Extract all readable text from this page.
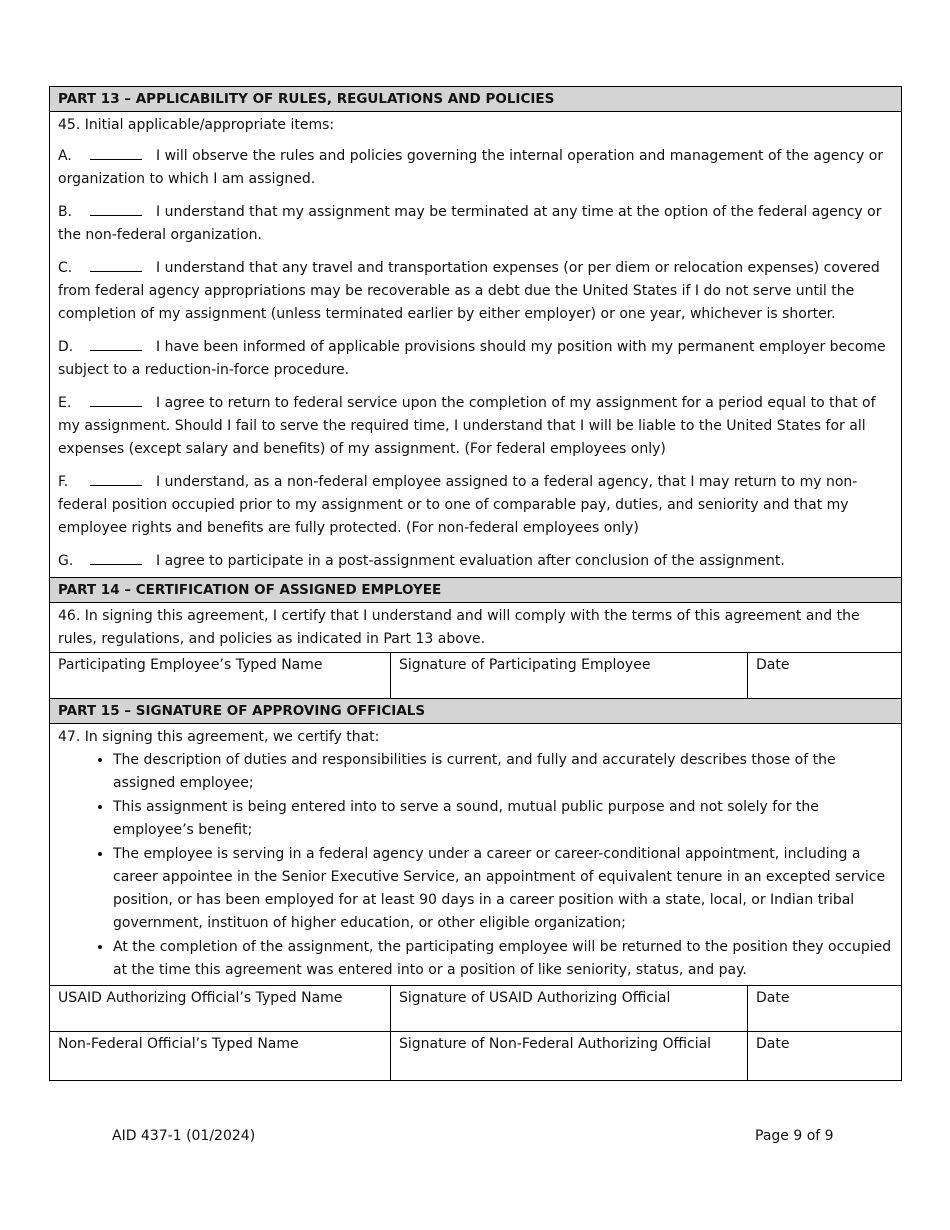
PART 13 – APPLICABILITY OF RULES, REGULATIONS AND POLICIES
45. Initial applicable/appropriate items:
A.	I will observe the rules and policies governing the internal operation and management of the agency or organization to which I am assigned.
B.	I understand that my assignment may be terminated at any time at the option of the federal agency or the non-federal organization.
C.	I understand that any travel and transportation expenses (or per diem or relocation expenses) covered from federal agency appropriations may be recoverable as a debt due the United States if I do not serve until the completion of my assignment (unless terminated earlier by either employer) or one year, whichever is shorter.
D.	I have been informed of applicable provisions should my position with my permanent employer become subject to a reduction-in-force procedure.
E.	I agree to return to federal service upon the completion of my assignment for a period equal to that of my assignment. Should I fail to serve the required time, I understand that I will be liable to the United States for all expenses (except salary and benefits) of my assignment. (For federal employees only)
F.	I understand, as a non-federal employee assigned to a federal agency, that I may return to my non-federal position occupied prior to my assignment or to one of comparable pay, duties, and seniority and that my employee rights and benefits are fully protected. (For non-federal employees only)
G.	I agree to participate in a post-assignment evaluation after conclusion of the assignment.
PART 14 – CERTIFICATION OF ASSIGNED EMPLOYEE
46. In signing this agreement, I certify that I understand and will comply with the terms of this agreement and the rules, regulations, and policies as indicated in Part 13 above.
Participating Employee’s Typed Name	Signature of Participating Employee	Date
PART 15 – SIGNATURE OF APPROVING OFFICIALS
47. In signing this agreement, we certify that:
• The description of duties and responsibilities is current, and fully and accurately describes those of the assigned employee;
• This assignment is being entered into to serve a sound, mutual public purpose and not solely for the employee’s benefit;
• The employee is serving in a federal agency under a career or career-conditional appointment, including a career appointee in the Senior Executive Service, an appointment of equivalent tenure in an excepted service position, or has been employed for at least 90 days in a career position with a state, local, or Indian tribal government, instituon of higher education, or other eligible organization;
• At the completion of the assignment, the participating employee will be returned to the position they occupied at the time this agreement was entered into or a position of like seniority, status, and pay.
USAID Authorizing Official’s Typed Name	Signature of USAID Authorizing Official	Date
Non-Federal Official’s Typed Name	Signature of Non-Federal Authorizing Official	Date
AID 437-1 (01/2024)	Page 9 of 9
